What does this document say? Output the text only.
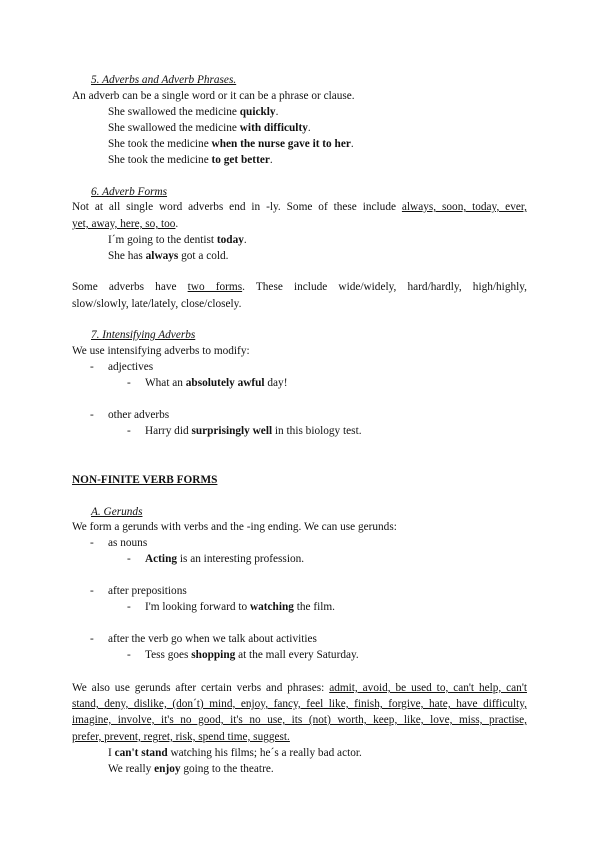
5. Adverbs and Adverb Phrases.
An adverb can be a single word or it can be a phrase or clause.
She swallowed the medicine quickly.
She swallowed the medicine with difficulty.
She took the medicine when the nurse gave it to her.
She took the medicine to get better.
6. Adverb Forms
Not at all single word adverbs end in -ly. Some of these include always, soon, today, ever,
yet, away, here, so, too.
I´m going to the dentist today.
She has always got a cold.
Some adverbs have two forms. These include wide/widely, hard/hardly, high/highly,
slow/slowly, late/lately, close/closely.
7. Intensifying Adverbs
We use intensifying adverbs to modify:
- adjectives
- What an absolutely awful day!
- other adverbs
- Harry did surprisingly well in this biology test.
NON-FINITE VERB FORMS
A. Gerunds
We form a gerunds with verbs and the -ing ending. We can use gerunds:
- as nouns
- Acting is an interesting profession.
- after prepositions
- I'm looking forward to watching the film.
- after the verb go when we talk about activities
- Tess goes shopping at the mall every Saturday.
We also use gerunds after certain verbs and phrases: admit, avoid, be used to, can't help, can't
stand, deny, dislike, (don´t) mind, enjoy, fancy, feel like, finish, forgive, hate, have difficulty,
imagine, involve, it's no good, it's no use, its (not) worth, keep, like, love, miss, practise,
prefer, prevent, regret, risk, spend time, suggest.
I can't stand watching his films; he´s a really bad actor.
We really enjoy going to the theatre.
